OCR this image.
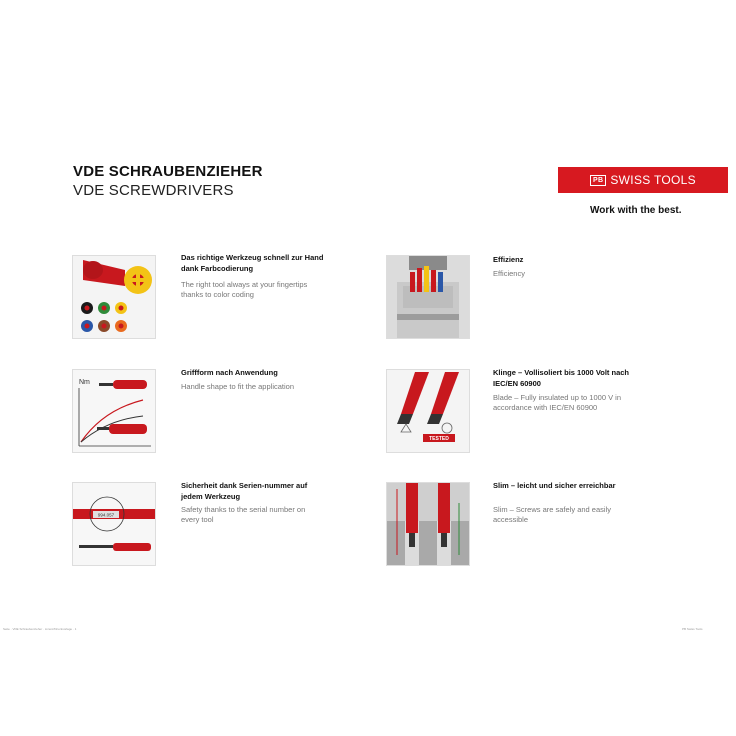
VDE SCHRAUBENZIEHER
VDE SCREWDRIVERS
PB SWISS TOOLS
Work with the best.
Das richtige Werkzeug schnell zur Hand dank Farbcodierung
The right tool always at your fingertips thanks to color coding
Effizienz
Efficiency
Nm
Griffform nach Anwendung
Handle shape to fit the application
TESTED
Klinge – Vollisoliert bis 1000 Volt nach IEC/EN 60900
Blade – Fully insulated up to 1000 V in accordance with IEC/EN 60900
994.057
Sicherheit dank Serien-nummer auf jedem Werkzeug
Safety thanks to the serial number on every tool
Slim – leicht und sicher erreichbar
Slim – Screws are safely and easily accessible
Seite · VDE Schraubenzieher · Lizenz/Druckvorlage · 1	PB Swiss Tools
